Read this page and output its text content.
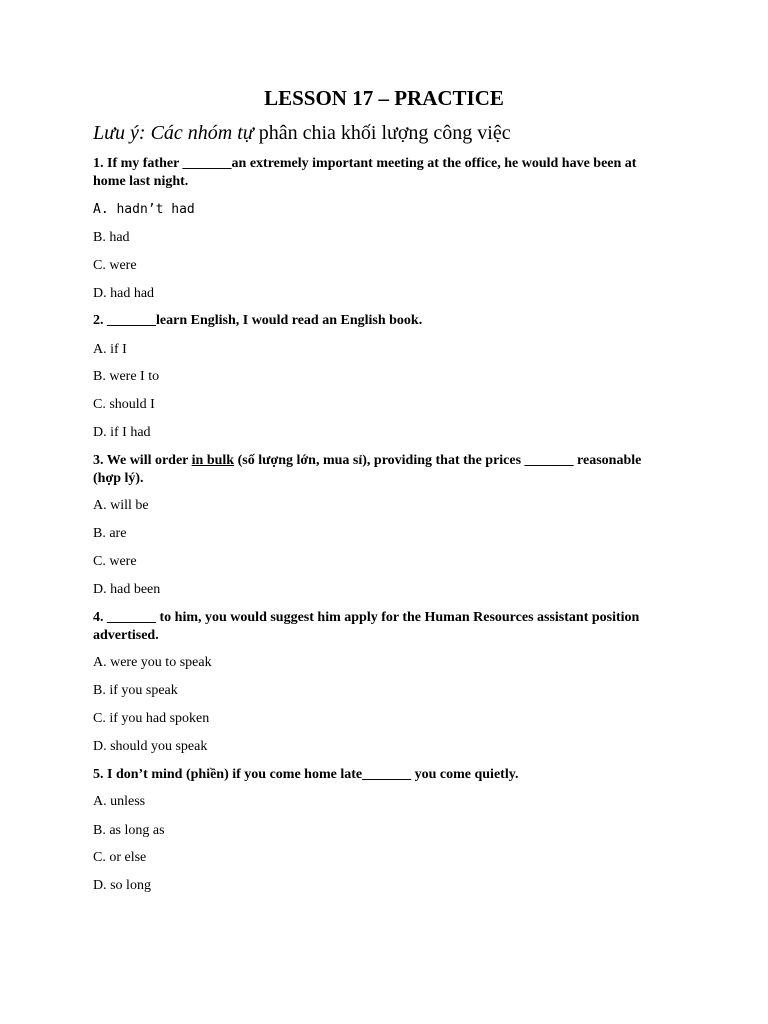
LESSON 17 – PRACTICE
Lưu ý: Các nhóm tự phân chia khối lượng công việc
1. If my father _______an extremely important meeting at the office, he would have been at home last night.
A. hadn’t had
B. had
C. were
D. had had
2. _______learn English, I would read an English book.
A. if I
B. were I to
C. should I
D. if I had
3. We will order in bulk (số lượng lớn, mua sỉ), providing that the prices _______ reasonable (hợp lý).
A. will be
B. are
C. were
D. had been
4. _______ to him, you would suggest him apply for the Human Resources assistant position advertised.
A. were you to speak
B. if you speak
C. if you had spoken
D. should you speak
5. I don’t mind (phiền) if you come home late_______ you come quietly.
A. unless
B. as long as
C. or else
D. so long
